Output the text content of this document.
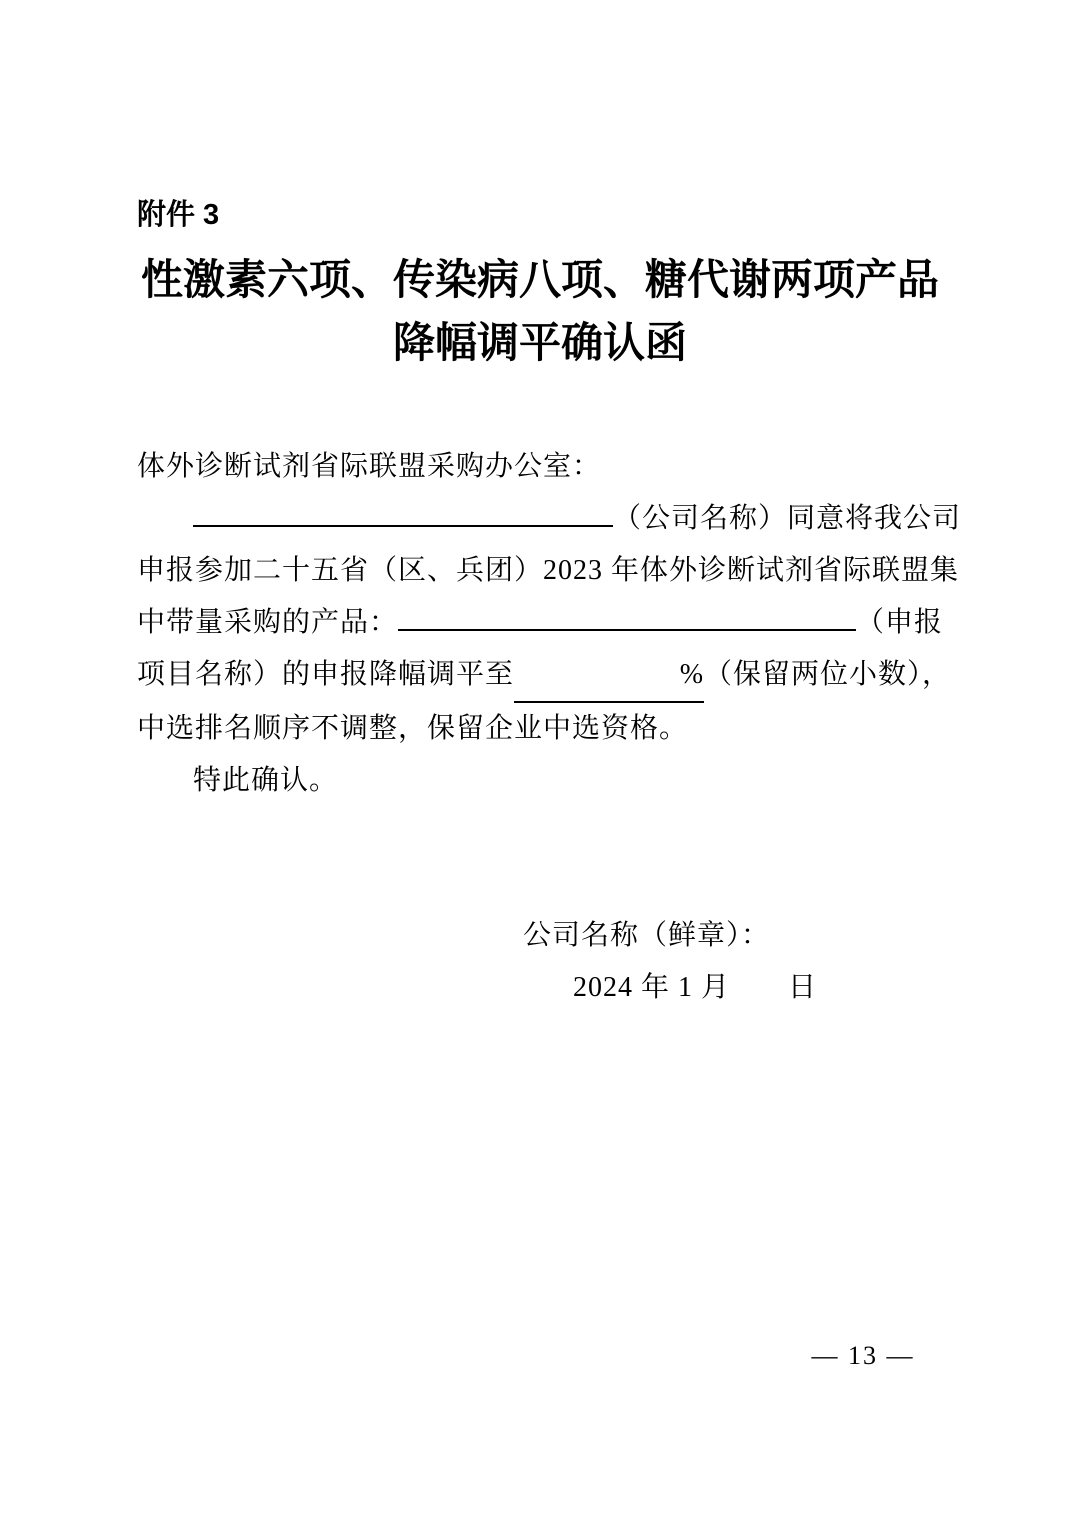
附件 3
性激素六项、传染病八项、糖代谢两项产品
降幅调平确认函
体外诊断试剂省际联盟采购办公室：
（公司名称）同意将我公司
申报参加二十五省（区、兵团）2023 年体外诊断试剂省际联盟集
中带量采购的产品：	（申报
项目名称）的申报降幅调平至	%（保留两位小数），
中选排名顺序不调整，保留企业中选资格。
特此确认。
公司名称（鲜章）：
2024 年 1 月 日
— 13 —
